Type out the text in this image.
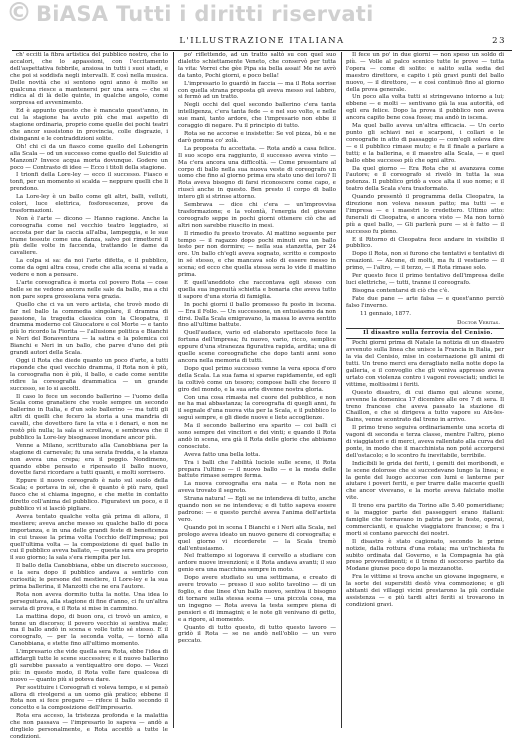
L'ILLUSTRAZIONE ITALIANA	23
© BiASA Tutti i diritti riservati

ch' ecciti la fibra artistica del pubblico nostro, che lo accalori, che lo appassioni, con l'eccitamento dell'aspettativa febbrile, ansiosa in tutti i suoi stadi, e che poi si soddisfa negli intervalli. E così nella musica. Delle novità che si sentono ogni anno è molto se qualcuna riesce a mantenersi per una sera — che si ridica al di là delle quinte, in qualche angolo, come sorpresa ed avvenimento.

Ed è appunto questo che è mancato quest'anno, in cui la stagione ha avuto più che mai aspetto di stagione ordinaria, proprio come quelle dei pochi teatri che ancor sussistono in provincia, colle disgrazie, i disinganni e le contraddizioni solite.

Oh! chi ci da un fiasco come quello del Lohengrin alla Scala — od un successo come quello del Suicidio al Manzoni? Invece acqua morta dovunque. Godere un poco — Contrasto di idee — Ecco i titoli della stagione.

I trionfi della Lore-ley — ecco il successo. Fiasco e tonfi, per un momento si scalda — neppure quelli che li prendono.

La Lore-ley è un ballo come gli altri, balli, velluti, colori, luce elettrica, fosforescenze, prove da trasformazioni.

Non è l'arte — dicono — Hanno ragione. Anche la coreografia come nel vecchio teatro leggiadro, si accosta per dar la caccia all'alba, lampeggia, e le sue trame tessute come una danza, salvo poi rimettersi il più delle volte in faccenda, trattando le dame da cavaliere.

La colpa si sa: da noi l'arte difetta, e il pubblico, come da ogni altra cosa, crede che alla scena si vada a vedere e non a pensare.

L'arte coreografica è morta col povero Rota — cose belle se ne vedono ancora nelle sale da ballo, ma a chi non pare sopra grossolana vera grazia.

Quello che ci va un vero artista, che trovò modo di far nel ballo la commedia singolare, il dramma di passione, la tragedia classica con la Cleopatra, il dramma moderno col Giuocatore e col Morte — e tanto più lo ricordo la Fiorita — l'allusione politica e Bianchi e Neri del Bonaventura — la satira e la polemica coi Bianchi e Neri in un ballo, che parve d'uno dei più grandi autori della Scala.

Oggi il Rota che diede quanto un poco d'arte, a tutti risponde che quel vecchio dramma, il Rota non è più, la coreografia non è più, il ballo, e cade come sentite ridire la coreografia drammatica — un grande successo, se lo si ascolti.

Il caso lo fece un secondo ballerino — l'uomo della Scala come granatiere che vuole sempre un secondo ballerino in Italia, e d'un solo ballerino — ma tutti gli altri di quelli che fecero la storia a una mandria di cavalli, che dovettero fare la vita e i denari, e non ne restò più nulla; la sala si scrollava, e sembrava che il pubblico la Lore-ley bisognasse inondare ancor più.

Venne a Milano, scritturato alla Canobbiana per la stagione di carnevale; fu una serata fredda, e la stanza non aveva una crepa; era il peggio. Nondimeno, quando ebbe pensato e ripensato il ballo nuovo, dovette farsi ricordare a tutti quanti, e molti sorrisero.

Eppure il nuovo coreografo è nato sul suolo della Scala; e portava in sé, che è quanto è più raro, quel fuoco che si chiama ingegno, e che mette in contatto diretto coll'anima del pubblico. Figuratevi un poco, e il pubblico vi si lasciò pigliare.

Aveva tentato qualche volta già prima di allora, il mestiere; aveva anche messo su qualche ballo di poca importanza, e in una delle grandi feste di beneficenza in cui trasse la prima volta l'occhio dell'impresa; poi quell'ultima volta — la composizione di quel ballo in cui il pubblico aveva ballato, — questa sera era proprio il suo giorno; la sala s'era riempita per lui.

Il ballo della Canobbiana, ebbe un discreto successo, e la sera dopo il pubblico andava a sentirlo con curiosità; le persone del mestiere, il Lore-ley e la sua prima ballerina, il Manzotti che ne era l'autore.

Rota non aveva dormito tutta la notte. Una idea lo perseguitava, alla stagione di fine d'anno, ci fu un'altra serata di prova, e il Rota si mise in cammino.

La mattina dopo, di buon ora, ci trovò un amico, e tenne un discorso; il povero vecchio si sentiva male; ma il ballo andò in scena e volle tutto sé stesso. E il coreografo, — per la seconda volta, — tornò alla Canobbiana, e stette fino all'ultimo momento.

L'impresario che vide quella sera Rota, ebbe l'idea di affidargli tutte le scene successive; e il nuovo ballerino gli sarebbe passato a ventiquattro ore dopo. — Vezzi più: in questo modo, il Rota volle fare qualcosa di nuovo — quanto più si poteva dare.

Per sostituire i Coreografi ci voleva tempo, e si pensò allora di rivolgersi a un uomo già pratico; ebbene il Rota non si fece pregare — rifece il ballo secondo il concetto e la composizione dell'impresario.

Rota era acceso, la tristezza profonda e la malattia che non passava — l'impresario lo sapeva — andò a dirglielo personalmente, e Rota accettò a tutte le condizioni.

po' riflettendo, ad un tratto saltò su con quel suo dialetto schiettamente Veneto, che conservò per tutta la vita: Vorrei che gèe Pipa sia bella assai! Me ne avrò da tanto, Pochi giorni, e poco bella!

L'impresario lo guardò in faccia — ma il Rota sorrise con quella strana proposta gli aveva messo sul labbro, si fermò ad un tratto.

Negli occhi del quel secondo ballerino c'era tanta intelligenza, c'era tanta fede — e nel suo volto, e nelle sue mani, tanto ardore, che l'impresario non ebbe il coraggio di negare. Fu il principio di tutto.

Rota se ne accorse e insistette: Se vol pizza, bù e ne darò gomma co' zolà.

La proposta fu accettata. — Rota andò a casa felice. Il suo scopo era raggiunto, il successo aveva vinto — Ma c'era ancora una difficoltà. — Come presentare al corpo di ballo nella sua nuova veste di coreografo un uomo che fino al giorno prima era stato uno dei loro? Il Rota aveva bisogno di farsi riconoscere come capo, e riuscì anche in questo. Ben presto il corpo di ballo intero gli si strinse attorno.

Sembrava — dice chi c'era — un'improvvisa trasformazione; e la volontà, l'energia del giovane coreografo seppe in pochi giorni ottenere ciò che ad altri non sarebbe riuscito in mesi.

Il rimedio fu presto trovato. Al mattino seguente per tempo — il ragazzo dopo pochi minuti era un ballo lesto per non dormire; — nella sua stanzetta, per 24 ore. Un ballo ch'egli aveva sognato, scritto e composto in sé stesso, e che mancava solo di essere messo in scena; ed ecco che quella stessa sera lo vide il mattino prima.

E quell'aneddoto che raccontava egli stesso con quella sua ingenuità schietta e bonaria che aveva tutto il sapore d'una storia di famiglia.

In pochi giorni il ballo promesso fu posto in iscena. — Era il Follo. — Un successone, un entusiasmo da non dirsi. Dalla Scala emigravano, la massa lo aveva sentito fino all'ultime battute.

Quell'audace, vario ed elaborato spettacolo fece la fortuna dell'impresa; fu nuovo, vario, ricco, semplice eppure d'una stranezza figurativa rapida, ardita; una di quelle scene coreografiche che dopo tanti anni sono ancora nella memoria di tutti.

Dopo quel primo successo venne la vera epoca d'oro della Scala. La sua fama si sparse rapidamente, ed egli la coltivò come un tesoro; compose balli che fecero il giro del mondo, e la sua arte divenne nostra gloria.

Con una cosa rimasta nel cuore del pubblico, e non ne ha mai abbastanza; la coreografia di quegli anni, fu il segnale d'una nuova vita per la Scala, e il pubblico lo seguì sempre, e gli diede nuove e liete accoglienze.

Ma il secondo ballerino era sparito — coi balli ci sono sempre dei vincitori e dei vinti; e quando il Rota andò in scena, era già il Rota delle glorie che abbiamo conosciute.

Aveva fatto una bella lotta.

Tra i balli che l'abilità luciole sulle scene, il Rota prepara l'ultimo — il nuovo ballo — e la moda delle battute rimase sempre ferma.

La nuova coreografia era nata — e Rota non ne aveva trovato il segreto.

Strana natura! — Egli se ne intendeva di tutto, anche quando non se ne intendeva; e di tutto sapeva essere padrone: — e questo perché aveva l'anima dell'artista vero.

Quando poi in scena I Bianchi e i Neri alla Scala, nel prologo aveva ideato un nuovo genere di coreografia; e quel giorno vi ricorderete — la Scala tremò dall'entusiasmo.

Nel frattempo si logorava il cervello a studiare con ardore nuove invenzioni; e il Rota andava avanti; il suo genio era una macchina sempre in moto.

Dopo avere studiato su una settimana, e creato di avere trovato — presso il suo solito tavolino — di un foglio, e due linee d'un ballo nuovo, sentiva il bisogno di tornare sulla stessa scena — una piccola cosa, ma un ingegno — Rota aveva la testa sempre piena di pensieri e di immagini; e le note gli venivano di getto, e a rigore, al momento.

Quanto di tutto questo, di tutto questo lavoro — gridò il Rota — se ne andò nell'oblio — un vero peccato.

Il fece un po' in due giorni — non speso un soldo di più. — Volle al palco scenico tutte le prove — tutta l'opera — come di solito: e salito sulla sedia del maestro direttore, e capito i più gravi punti del ballo nuovo, — il direttore, — e così continuò fino al giorno della prova generale.

Un poco alla volta tutti si stringevano intorno a lui; ebbene — e molti — sentivano già la sua autorità, ed egli era felice. Dopo la prova il pubblico non aveva ancora capito bene cosa fosse; ma andò in iscena.

Ma quel ballo aveva un'altra efficacia. — Un certo punto gli schiavi nei e scarponi, i collari e le coreografie in atto di passaggio — com'egli soleva dire — e il pubblico rimase muto; e fu il finale a parlare a tutti; e la ballerina, e il maestro alla Scala, — e quel ballo ebbe successo più che ogni altro.

Da quel giorno — Era Rota che si avanzava come l'autore; e il coreografo si rivelò in tutta la sua potenza. Il pubblico gridò a voce alta il suo nome; e il teatro della Scala s'era trasformato.

Quando presentò il programma della Cleopatra, la direzione non voleva nessun patto; ma tutti — e l'impresa — e i maestri lo credettero. Ultimo atto: funerali di Cleopatra, e ancora visto — Ma non tornò più a quel ballo, — Gli parlerà pure — si è fatto — il successo fu pieno.

E il Ritorno di Cleopatra fece andare in visibilio il pubblico.

Dopo il Rota, non si furono che tentativi e tentativi di creazioni. — Alcune, di molti, ma fu il vestiario — il primo, — l'altro, — il terzo, — il Rota rimase solo.

Per questo fece il primo tentativo dell'impresa delle luci elettriche, — tutti, tranne il coreografo.

Bisogna contentarsi di ciò che c'è.

Fate due pane — arte falsa — e quest'anno perciò falso l'inverno.

11 gennaio, 1877.

Doctor Veritas.

Il disastro sulla ferrovia del Cenisio.

Pochi giorni prima di Natale la notizia di un disastro avvenuto sulla linea che unisce la Francia in Italia, per la via del Cenisio, mise in costernazione gli animi di tutti. Un treno merci era deragliato nella notte dopo la galleria, e il convoglio che gli veniva appresso aveva urtato con violenza contro i vagoni rovesciati; undici le vittime, moltissimi i feriti.

Questo disastro, di cui diamo qui alcune scene, avvenne la domenica 17 dicembre alle ore 7 di sera. Il treno francese che aveva passato la stazione di Chaillon, e che si dirigeva a tutto vapore su Aix-les-Bains, venne scontrato dal treno in arrivo.

Il primo treno seguiva ordinariamente una scorta di vagoni di seconda e terza classe, mentre l'altro, pieno di viaggiatori e di merci, aveva rallentato alla curva del ponte, in modo che il macchinista non poté accorgersi dell'ostacolo; e lo scontro fu inevitabile, terribile.

Indicibili le grida dei feriti, i gemiti dei moribondi, e le scene dolorose che si succedevano lungo la linea; e la gente del luogo accorse con lumi e lanterne per aiutare i poveri feriti, e per trarre dalle macerie quelli che ancor vivevano, e la morte aveva falciato molte vite.

Il treno era partito da Torino alle 5.40 pomeridiane; e la maggior parte dei passeggeri erano italiani: famiglie che tornavano in patria per le feste, operai, commercianti, e qualche viaggiatore francese; e fra i morti si contano parecchi dei nostri.

Il disastro è stato cagionato, secondo le prime notizie, dalla rottura d'una rotaia; ma un'inchiesta fu subito ordinata dal Governo, e la Compagnia ha già preso provvedimenti; e il treno di soccorso partito da Modane giunse poco dopo la mezzanotte.

Fra le vittime si trova anche un giovane ingegnere, e la sorte dei superstiti destò viva commozione; e gli abitanti dei villaggi vicini prestarono la più cordiale assistenza — e più tardi altri feriti si trovarono in condizioni gravi.
